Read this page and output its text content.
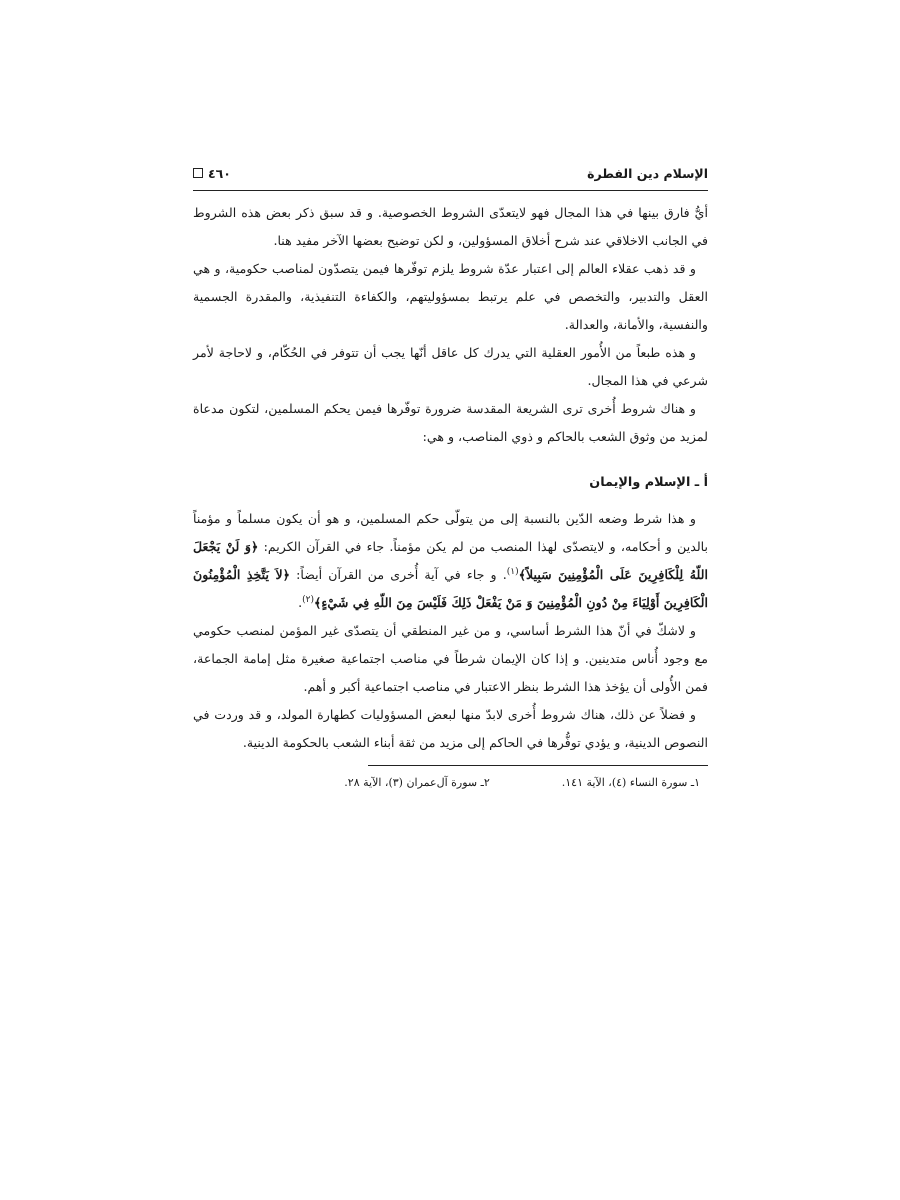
الإسلام دين الفطرة
٤٦٠

أيُّ فارق بينها في هذا المجال فهو لايتعدّى الشروط الخصوصية. و قد سبق ذكر بعض هذه الشروط في الجانب الاخلاقي عند شرح أخلاق المسؤولين، و لكن توضيح بعضها الآخر مفيد هنا.

و قد ذهب عقلاء العالم إلى اعتبار عدّة شروط يلزم توفّرها فيمن يتصدّون لمناصب حكومية، و هي العقل والتدبير، والتخصص في علم يرتبط بمسؤوليتهم، والكفاءة التنفيذية، والمقدرة الجسمية والنفسية، والأمانة، والعدالة.

و هذه طبعاً من الأُمور العقلية التي يدرك كل عاقل أنّها يجب أن تتوفر في الحُكّام، و لاحاجة لأمر شرعي في هذا المجال.

و هناك شروط أُخرى ترى الشريعة المقدسة ضرورة توفّرها فيمن يحكم المسلمين، لتكون مدعاة لمزيد من وثوق الشعب بالحاكم و ذوي المناصب، و هي:

أ ـ الإسلام والإيمان

و هذا شرط وضعه الدّين بالنسبة إلى من يتولّى حكم المسلمين، و هو أن يكون مسلماً و مؤمناً بالدين و أحكامه، و لايتصدّى لهذا المنصب من لم يكن مؤمناً. جاء في القرآن الكريم: ﴿وَ لَنْ يَجْعَلَ اللّهُ لِلْكَافِرِينَ عَلَى الْمُؤْمِنِينَ سَبِيلاً﴾$^{(١)}$. و جاء في آية أُخرى من القرآن أيضاً: ﴿لاَ يَتَّخِذِ الْمُؤْمِنُونَ الْكَافِرِينَ أَوْلِيَاءَ مِنْ دُونِ الْمُؤْمِنِينَ وَ مَنْ يَفْعَلْ ذَلِكَ فَلَيْسَ مِنَ اللّهِ فِي شَيْءٍ﴾$^{(٢)}$.

و لاشكّ في أنّ هذا الشرط أساسي، و من غير المنطقي أن يتصدّى غير المؤمن لمنصب حكومي مع وجود أُناس متدينين. و إذا كان الإيمان شرطاً في مناصب اجتماعية صغيرة مثل إمامة الجماعة، فمن الأُولى أن يؤخذ هذا الشرط بنظر الاعتبار في مناصب اجتماعية أكبر و أهم.

و فضلاً عن ذلك، هناك شروط أُخرى لابدّ منها لبعض المسؤوليات كطهارة المولد، و قد وردت في النصوص الدينية، و يؤدي توفُّرها في الحاكم إلى مزيد من ثقة أبناء الشعب بالحكومة الدينية.

١ـ سورة النساء (٤)، الآية ١٤١.
٢ـ سورة آل‌عمران (٣)، الآية ٢٨.
